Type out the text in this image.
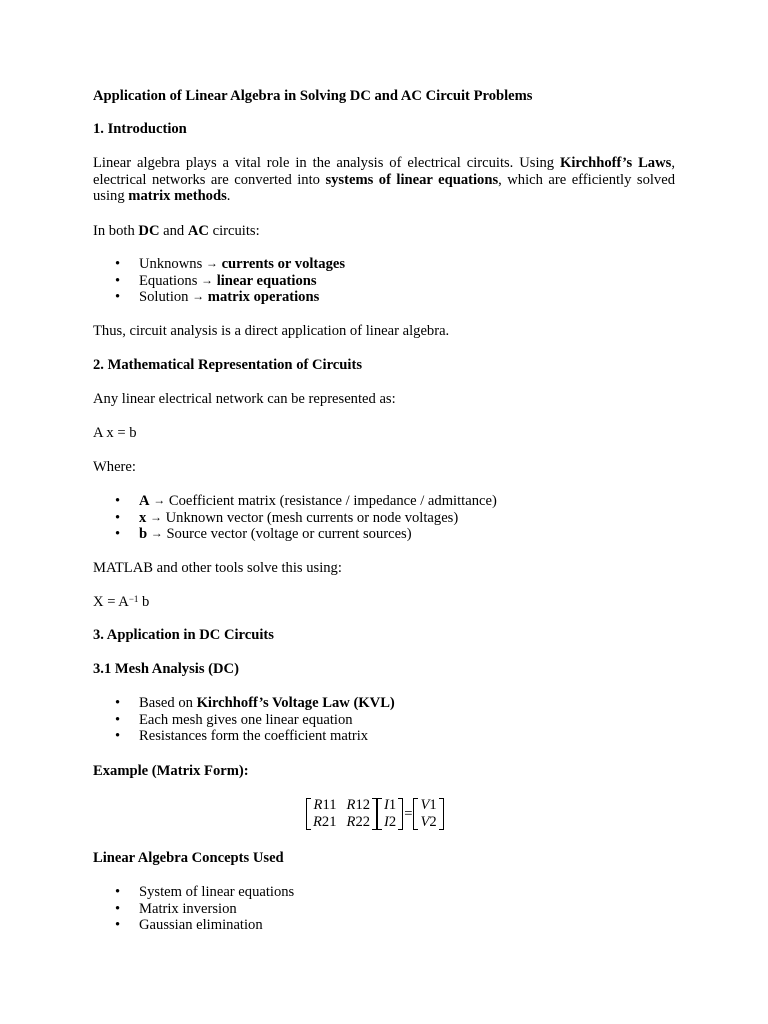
Application of Linear Algebra in Solving DC and AC Circuit Problems

1. Introduction

Linear algebra plays a vital role in the analysis of electrical circuits. Using Kirchhoff’s Laws, electrical networks are converted into systems of linear equations, which are efficiently solved using matrix methods.

In both DC and AC circuits:

• Unknowns → currents or voltages
• Equations → linear equations
• Solution → matrix operations

Thus, circuit analysis is a direct application of linear algebra.

2. Mathematical Representation of Circuits

Any linear electrical network can be represented as:

A x = b

Where:

• A → Coefficient matrix (resistance / impedance / admittance)
• x → Unknown vector (mesh currents or node voltages)
• b → Source vector (voltage or current sources)

MATLAB and other tools solve this using:

$X = A^{-1}$ b

3. Application in DC Circuits

3.1 Mesh Analysis (DC)

• Based on Kirchhoff’s Voltage Law (KVL)
• Each mesh gives one linear equation
• Resistances form the coefficient matrix

Example (Matrix Form):

R11	R12
R21	R22
I1
I2
=
V1
V2

Linear Algebra Concepts Used

• System of linear equations
• Matrix inversion
• Gaussian elimination
